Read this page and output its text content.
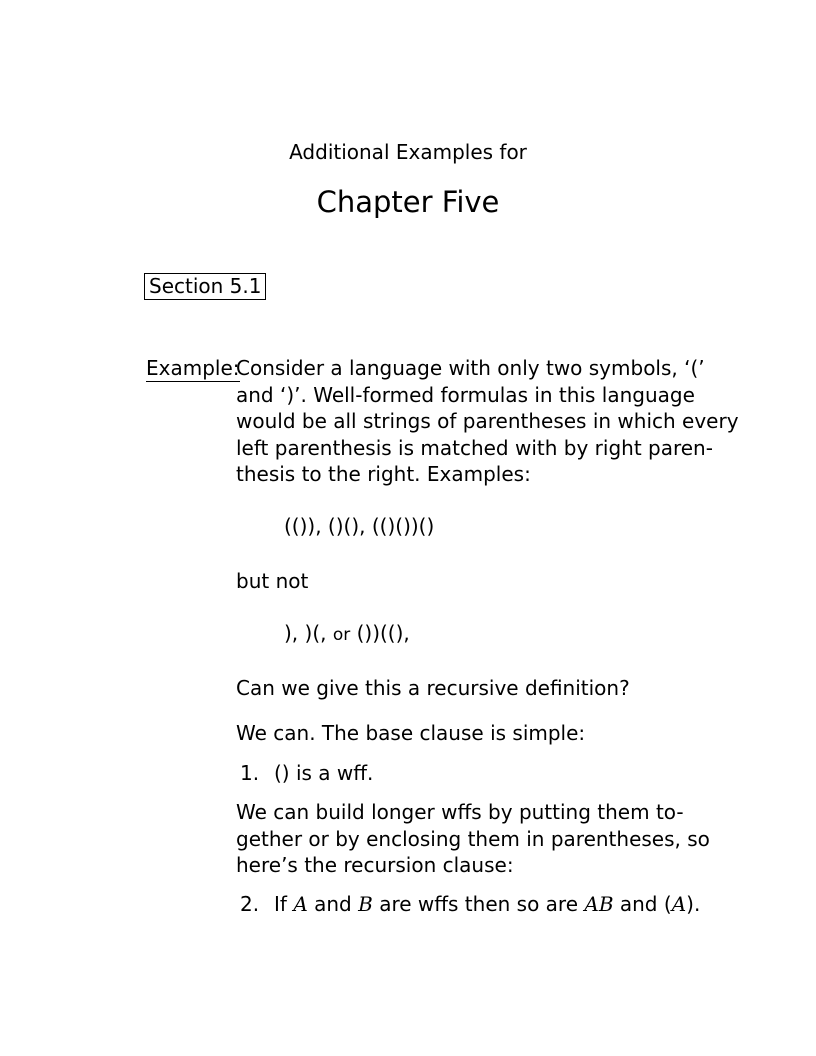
Additional Examples for
Chapter Five
Section 5.1
Example:
Consider a language with only two symbols, ‘(’
and ‘)’. Well-formed formulas in this language
would be all strings of parentheses in which every
left parenthesis is matched with by right paren-
thesis to the right. Examples:
(()), ()(), (()())()
but not
), )(, or ())((),
Can we give this a recursive definition?
We can. The base clause is simple:
1. () is a wff.
We can build longer wffs by putting them to-
gether or by enclosing them in parentheses, so
here’s the recursion clause:
2. If A and B are wffs then so are AB and (A).
